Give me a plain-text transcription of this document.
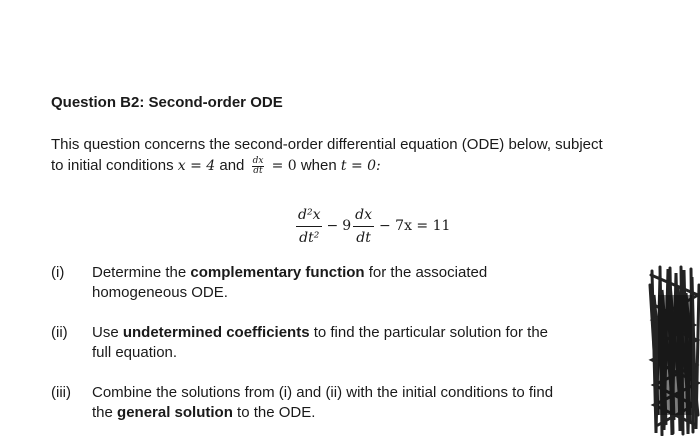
Question B2: Second-order ODE
This question concerns the second-order differential equation (ODE) below, subject
to initial conditions x = 4 and $\frac{dx}{dt} = 0$ when t = 0:
$\frac{\text{d²x}}{\text{dt²}} - 9 \frac{dx}{dt} - 7x = 11$
(i) Determine the complementary function for the associated
homogeneous ODE.
(ii) Use undetermined coefficients to find the particular solution for the
full equation.
(iii) Combine the solutions from (i) and (ii) with the initial conditions to find
the general solution to the ODE.
